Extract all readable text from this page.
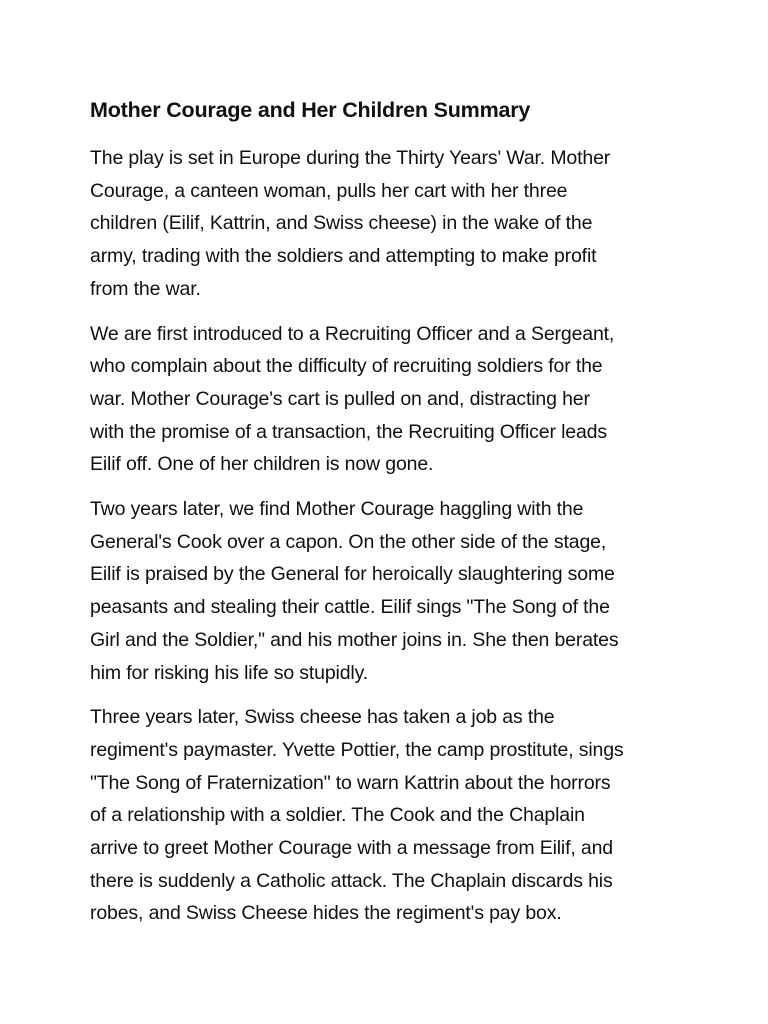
Mother Courage and Her Children Summary

The play is set in Europe during the Thirty Years' War. Mother
Courage, a canteen woman, pulls her cart with her three
children (Eilif, Kattrin, and Swiss cheese) in the wake of the
army, trading with the soldiers and attempting to make profit
from the war.

We are first introduced to a Recruiting Officer and a Sergeant,
who complain about the difficulty of recruiting soldiers for the
war. Mother Courage's cart is pulled on and, distracting her
with the promise of a transaction, the Recruiting Officer leads
Eilif off. One of her children is now gone.

Two years later, we find Mother Courage haggling with the
General's Cook over a capon. On the other side of the stage,
Eilif is praised by the General for heroically slaughtering some
peasants and stealing their cattle. Eilif sings "The Song of the
Girl and the Soldier," and his mother joins in. She then berates
him for risking his life so stupidly.

Three years later, Swiss cheese has taken a job as the
regiment's paymaster. Yvette Pottier, the camp prostitute, sings
"The Song of Fraternization" to warn Kattrin about the horrors
of a relationship with a soldier. The Cook and the Chaplain
arrive to greet Mother Courage with a message from Eilif, and
there is suddenly a Catholic attack. The Chaplain discards his
robes, and Swiss Cheese hides the regiment's pay box.
